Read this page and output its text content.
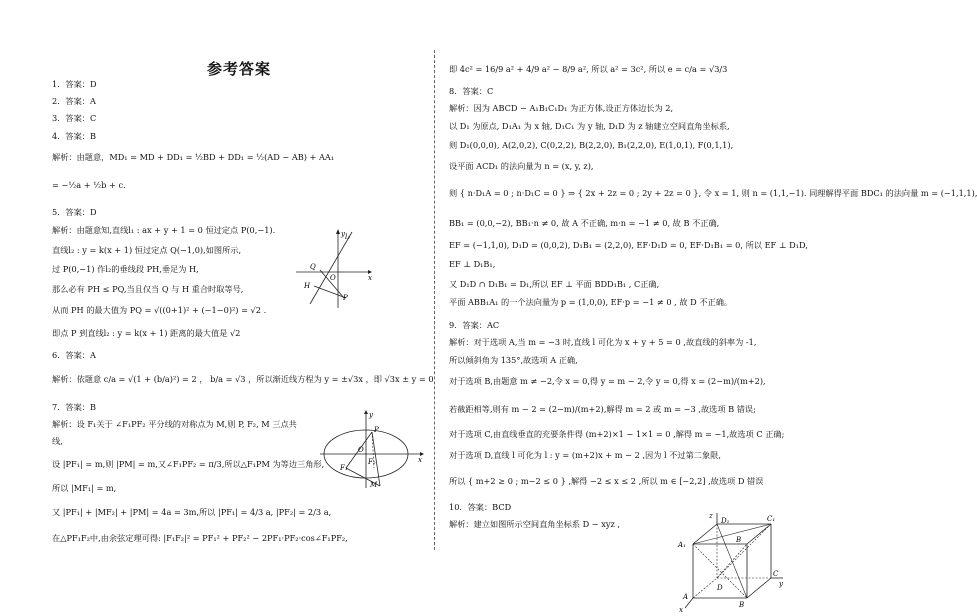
参考答案
1．答案：D
2．答案：A
3．答案：C
4．答案：B
解析：由题意，MD₁ = MD + DD₁ = ½BD + DD₁ = ½(AD − AB) + AA₁
= −½a + ½b + c.
5．答案：D
解析：由题意知,直线l₁ : ax + y + 1 = 0 恒过定点 P(0,−1).
直线l₂ : y = k(x + 1) 恒过定点 Q(−1,0),如图所示,
过 P(0,−1) 作l₂的垂线段 PH,垂足为 H,
那么必有 PH ≤ PQ,当且仅当 Q 与 H 重合时取等号,
从而 PH 的最大值为 PQ = √((0+1)² + (−1−0)²) = √2 .
即点 P 到直线l₂ : y = k(x + 1) 距离的最大值是 √2
6．答案：A
解析：依题意 c/a = √(1 + (b/a)²) = 2 ， b/a = √3 ，所以渐近线方程为 y = ±√3x ，即 √3x ± y = 0
7．答案：B
解析：设 F₁关于 ∠F₁PF₂ 平分线的对称点为 M,则 P, F₂, M 三点共
线,
设 |PF₁| = m,则 |PM| = m,又∠F₁PF₂ = π/3,所以△F₁PM 为等边三角形,
所以 |MF₁| = m,
又 |PF₁| + |MF₂| + |PM| = 4a = 3m,所以 |PF₁| = 4/3 a, |PF₂| = 2/3 a,
在△PF₁F₂中,由余弦定理可得: |F₁F₂|² = PF₁² + PF₂² − 2PF₁·PF₂·cos∠F₁PF₂,
l₂
y
x
Q
O
H
P
y
P
O
F₁
F₂
M
x
即 4c² = 16/9 a² + 4/9 a² − 8/9 a², 所以 a² = 3c², 所以 e = c/a = √3/3
8．答案：C
解析：因为 ABCD − A₁B₁C₁D₁ 为正方体,设正方体边长为 2,
以 D₁ 为原点, D₁A₁ 为 x 轴, D₁C₁ 为 y 轴, D₁D 为 z 轴建立空间直角坐标系,
则 D₁(0,0,0), A(2,0,2), C(0,2,2), B(2,2,0), B₁(2,2,0), E(1,0,1), F(0,1,1),
设平面 ACD₁ 的法向量为 n = (x, y, z),
则 { n·D₁A = 0 ; n·D₁C = 0 } ⇒ { 2x + 2z = 0 ; 2y + 2z = 0 }, 令 x = 1, 则 n = (1,1,−1). 同理解得平面 BDC₁ 的法向量 m = (−1,1,1),
BB₁ = (0,0,−2), BB₁·n ≠ 0, 故 A 不正确, m·n = −1 ≠ 0, 故 B 不正确,
EF = (−1,1,0), D₁D = (0,0,2), D₁B₁ = (2,2,0), EF·D₁D = 0, EF·D₁B₁ = 0, 所以 EF ⊥ D₁D,
EF ⊥ D₁B₁,
又 D₁D ∩ D₁B₁ = D₁,所以 EF ⊥ 平面 BDD₁B₁ , C正确,
平面 ABB₁A₁ 的一个法向量为 p = (1,0,0), EF·p = −1 ≠ 0 , 故 D 不正确。
9．答案：AC
解析：对于选项 A,当 m = −3 时,直线 l 可化为 x + y + 5 = 0 ,故直线的斜率为 -1,
所以倾斜角为 135°,故选项 A 正确,
对于选项 B,由题意 m ≠ −2,令 x = 0,得 y = m − 2,令 y = 0,得 x = (2−m)/(m+2),
若截距相等,则有 m − 2 = (2−m)/(m+2),解得 m = 2 或 m = −3 ,故选项 B 错误;
对于选项 C,由直线垂直的充要条件得 (m+2)×1 − 1×1 = 0 ,解得 m = −1,故选项 C 正确;
对于选项 D,直线 l 可化为 l : y = (m+2)x + m − 2 ,因为 l 不过第二象限,
所以 { m+2 ≥ 0 ; m−2 ≤ 0 } ,解得 −2 ≤ x ≤ 2 ,所以 m ∈ [−2,2] ,故选项 D 错误
10．答案：BCD
解析：建立如图所示空间直角坐标系 D − xyz ,
z
D₁	C₁
A₁
B
D
C
y
A
B
x
